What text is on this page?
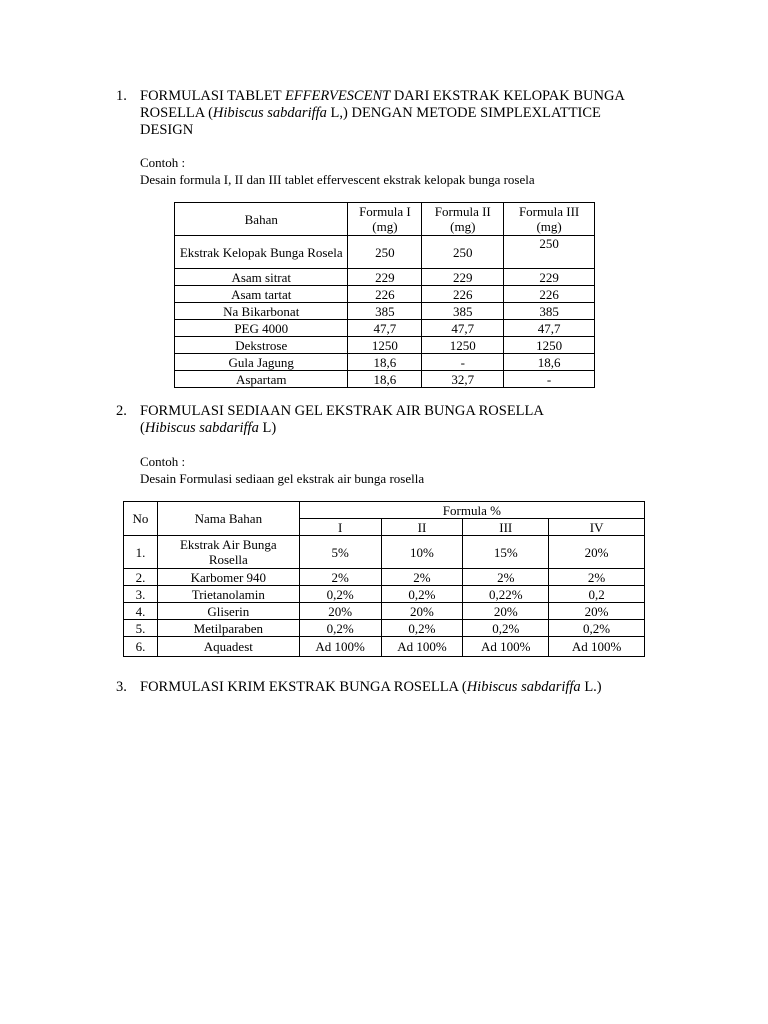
1. FORMULASI TABLET EFFERVESCENT DARI EKSTRAK KELOPAK BUNGA
ROSELLA (Hibiscus sabdariffa L,) DENGAN METODE SIMPLEXLATTICE
DESIGN
Contoh :
Desain formula I, II dan III tablet effervescent ekstrak kelopak bunga rosela
Bahan	Formula I (mg)	Formula II (mg)	Formula III (mg)
Ekstrak Kelopak Bunga Rosela	250	250	250
Asam sitrat	229	229	229
Asam tartat	226	226	226
Na Bikarbonat	385	385	385
PEG 4000	47,7	47,7	47,7
Dekstrose	1250	1250	1250
Gula Jagung	18,6	-	18,6
Aspartam	18,6	32,7	-
2. FORMULASI SEDIAAN GEL EKSTRAK AIR BUNGA ROSELLA
(Hibiscus sabdariffa L)
Contoh :
Desain Formulasi sediaan gel ekstrak air bunga rosella
No	Nama Bahan	Formula %			
		I	II	III	IV
1.	Ekstrak Air Bunga Rosella	5%	10%	15%	20%
2.	Karbomer 940	2%	2%	2%	2%
3.	Trietanolamin	0,2%	0,2%	0,22%	0,2
4.	Gliserin	20%	20%	20%	20%
5.	Metilparaben	0,2%	0,2%	0,2%	0,2%
6.	Aquadest	Ad 100%	Ad 100%	Ad 100%	Ad 100%
3. FORMULASI KRIM EKSTRAK BUNGA ROSELLA (Hibiscus sabdariffa L.)
